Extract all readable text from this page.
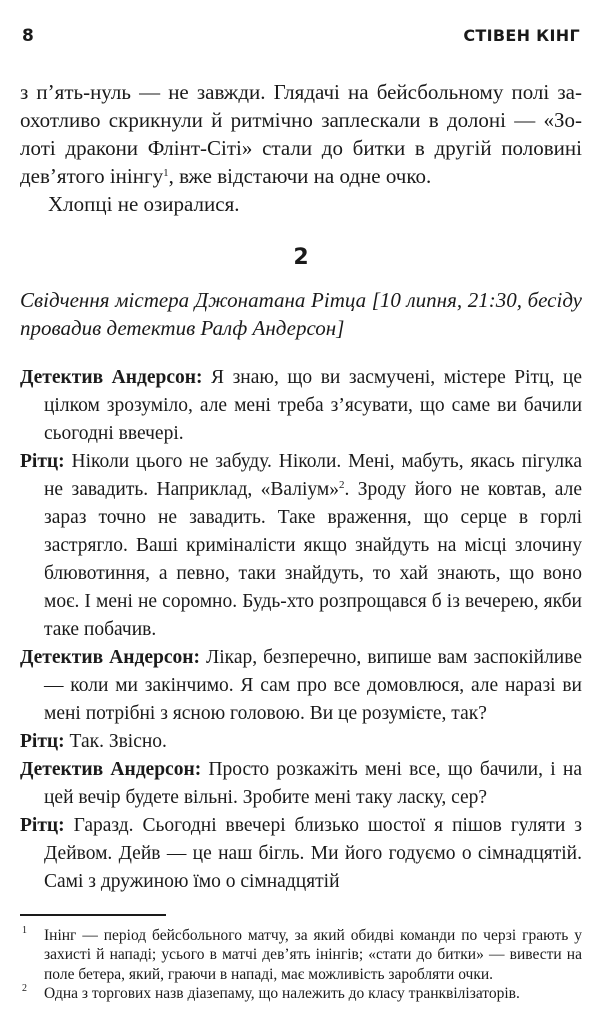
8	СТІВЕН КІНГ

з п’ять-нуль — не завжди. Глядачі на бейсбольному полі заохотливо скрикнули й ритмічно заплескали в долоні — «Золоті дракони Флінт-Сіті» стали до битки в другій половині дев’ятого інінгу$^1$, вже відстаючи на одне очко.

Хлопці не озиралися.

2
Свідчення містера Джонатана Рітца [10 липня, 21:30, бесіду провадив детектив Ралф Андерсон]

Детектив Андерсон: Я знаю, що ви засмучені, містере Рітц, це цілком зрозуміло, але мені треба з’ясувати, що саме ви бачили сьогодні ввечері.

Рітц: Ніколи цього не забуду. Ніколи. Мені, мабуть, якась пігулка не завадить. Наприклад, «Валіум»$^2$. Зроду його не ковтав, але зараз точно не завадить. Таке враження, що серце в горлі застрягло. Ваші криміналісти якщо знайдуть на місці злочину блювотиння, а певно, таки знайдуть, то хай знають, що воно моє. І мені не соромно. Будь-хто розпрощався б із вечерею, якби таке побачив.

Детектив Андерсон: Лікар, безперечно, випише вам заспокійливе — коли ми закінчимо. Я сам про все домовлюся, але наразі ви мені потрібні з ясною головою. Ви це розумієте, так?

Рітц: Так. Звісно.

Детектив Андерсон: Просто розкажіть мені все, що бачили, і на цей вечір будете вільні. Зробите мені таку ласку, сер?

Рітц: Гаразд. Сьогодні ввечері близько шостої я пішов гуляти з Дейвом. Дейв — це наш бігль. Ми його годуємо о сімнадцятій. Самі з дружиною їмо о сімнадцятій

1 Інінг — період бейсбольного матчу, за який обидві команди по черзі грають у захисті й нападі; усього в матчі дев’ять інінгів; «стати до битки» — вивести на поле бетера, який, граючи в нападі, має можливість заробляти очки.

2 Одна з торгових назв діазепаму, що належить до класу транквілізаторів.
